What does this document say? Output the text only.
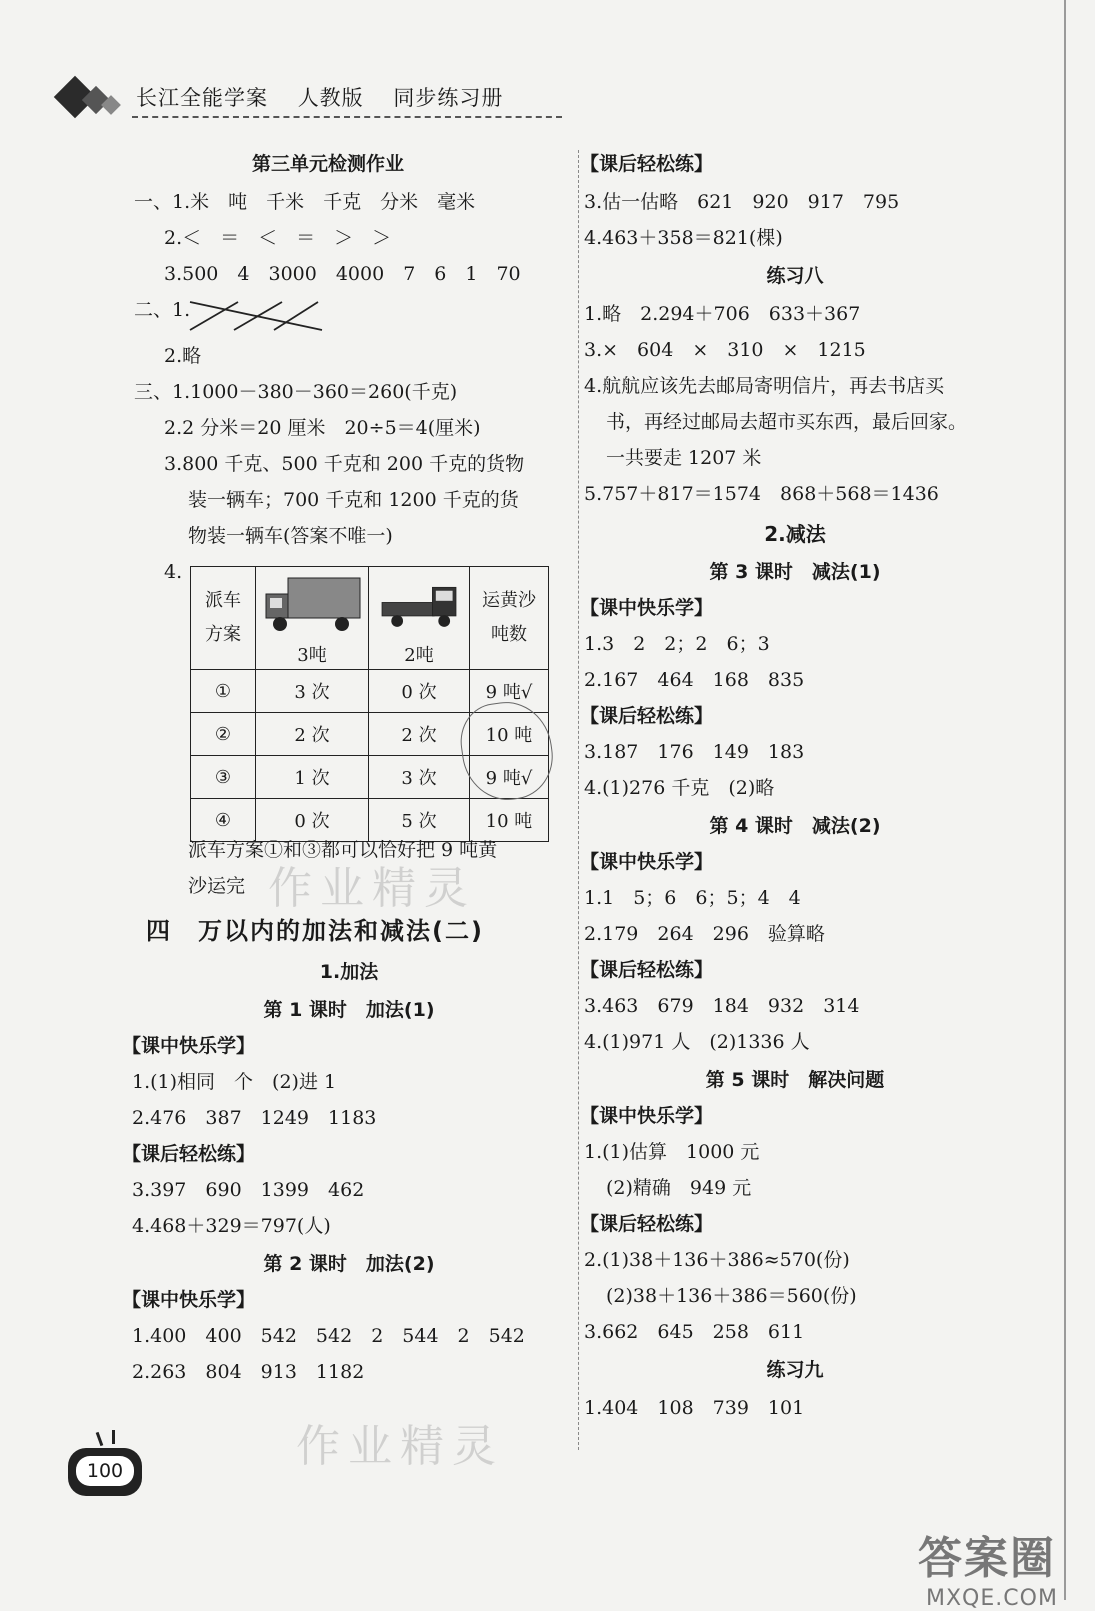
长江全能学案 人教版 同步练习册
第三单元检测作业
一、1.米　吨　千米　千克　分米　毫米
2.＜　＝　＜　＝　＞　＞
3.500　4　3000　4000　7　6　1　70
二、1.
2.略
三、1.1000－380－360＝260(千克)
2.2 分米＝20 厘米　20÷5＝4(厘米)
3.800 千克、500 千克和 200 千克的货物
装一辆车；700 千克和 1200 千克的货
物装一辆车(答案不唯一)
4.
派车方案	3吨	2吨	运黄沙吨数

①	3 次	0 次	9 吨√
②	2 次	2 次	10 吨
③	1 次	3 次	9 吨√
④	0 次	5 次	10 吨
派车方案①和③都可以恰好把 9 吨黄
沙运完
四　万以内的加法和减法(二)
1.加法
第 1 课时　加法(1)
【课中快乐学】
1.(1)相同　个　(2)进 1
2.476　387　1249　1183
【课后轻松练】
3.397　690　1399　462
4.468＋329＝797(人)
第 2 课时　加法(2)
【课中快乐学】
1.400　400　542　542　2　544　2　542
2.263　804　913　1182
【课后轻松练】
3.估一估略　621　920　917　795
4.463＋358＝821(棵)
练习八
1.略　2.294＋706　633＋367
3.×　604　×　310　×　1215
4.航航应该先去邮局寄明信片，再去书店买
书，再经过邮局去超市买东西，最后回家。
一共要走 1207 米
5.757＋817＝1574　868＋568＝1436
2.减法
第 3 课时　减法(1)
【课中快乐学】
1.3　2　2；2　6；3
2.167　464　168　835
【课后轻松练】
3.187　176　149　183
4.(1)276 千克　(2)略
第 4 课时　减法(2)
【课中快乐学】
1.1　5；6　6；5；4　4
2.179　264　296　验算略
【课后轻松练】
3.463　679　184　932　314
4.(1)971 人　(2)1336 人
第 5 课时　解决问题
【课中快乐学】
1.(1)估算　1000 元
(2)精确　949 元
【课后轻松练】
2.(1)38＋136＋386≈570(份)
(2)38＋136＋386＝560(份)
3.662　645　258　611
练习九
1.404　108　739　101
作业精灵
作业精灵
100
答案圈
MXQE.COM
